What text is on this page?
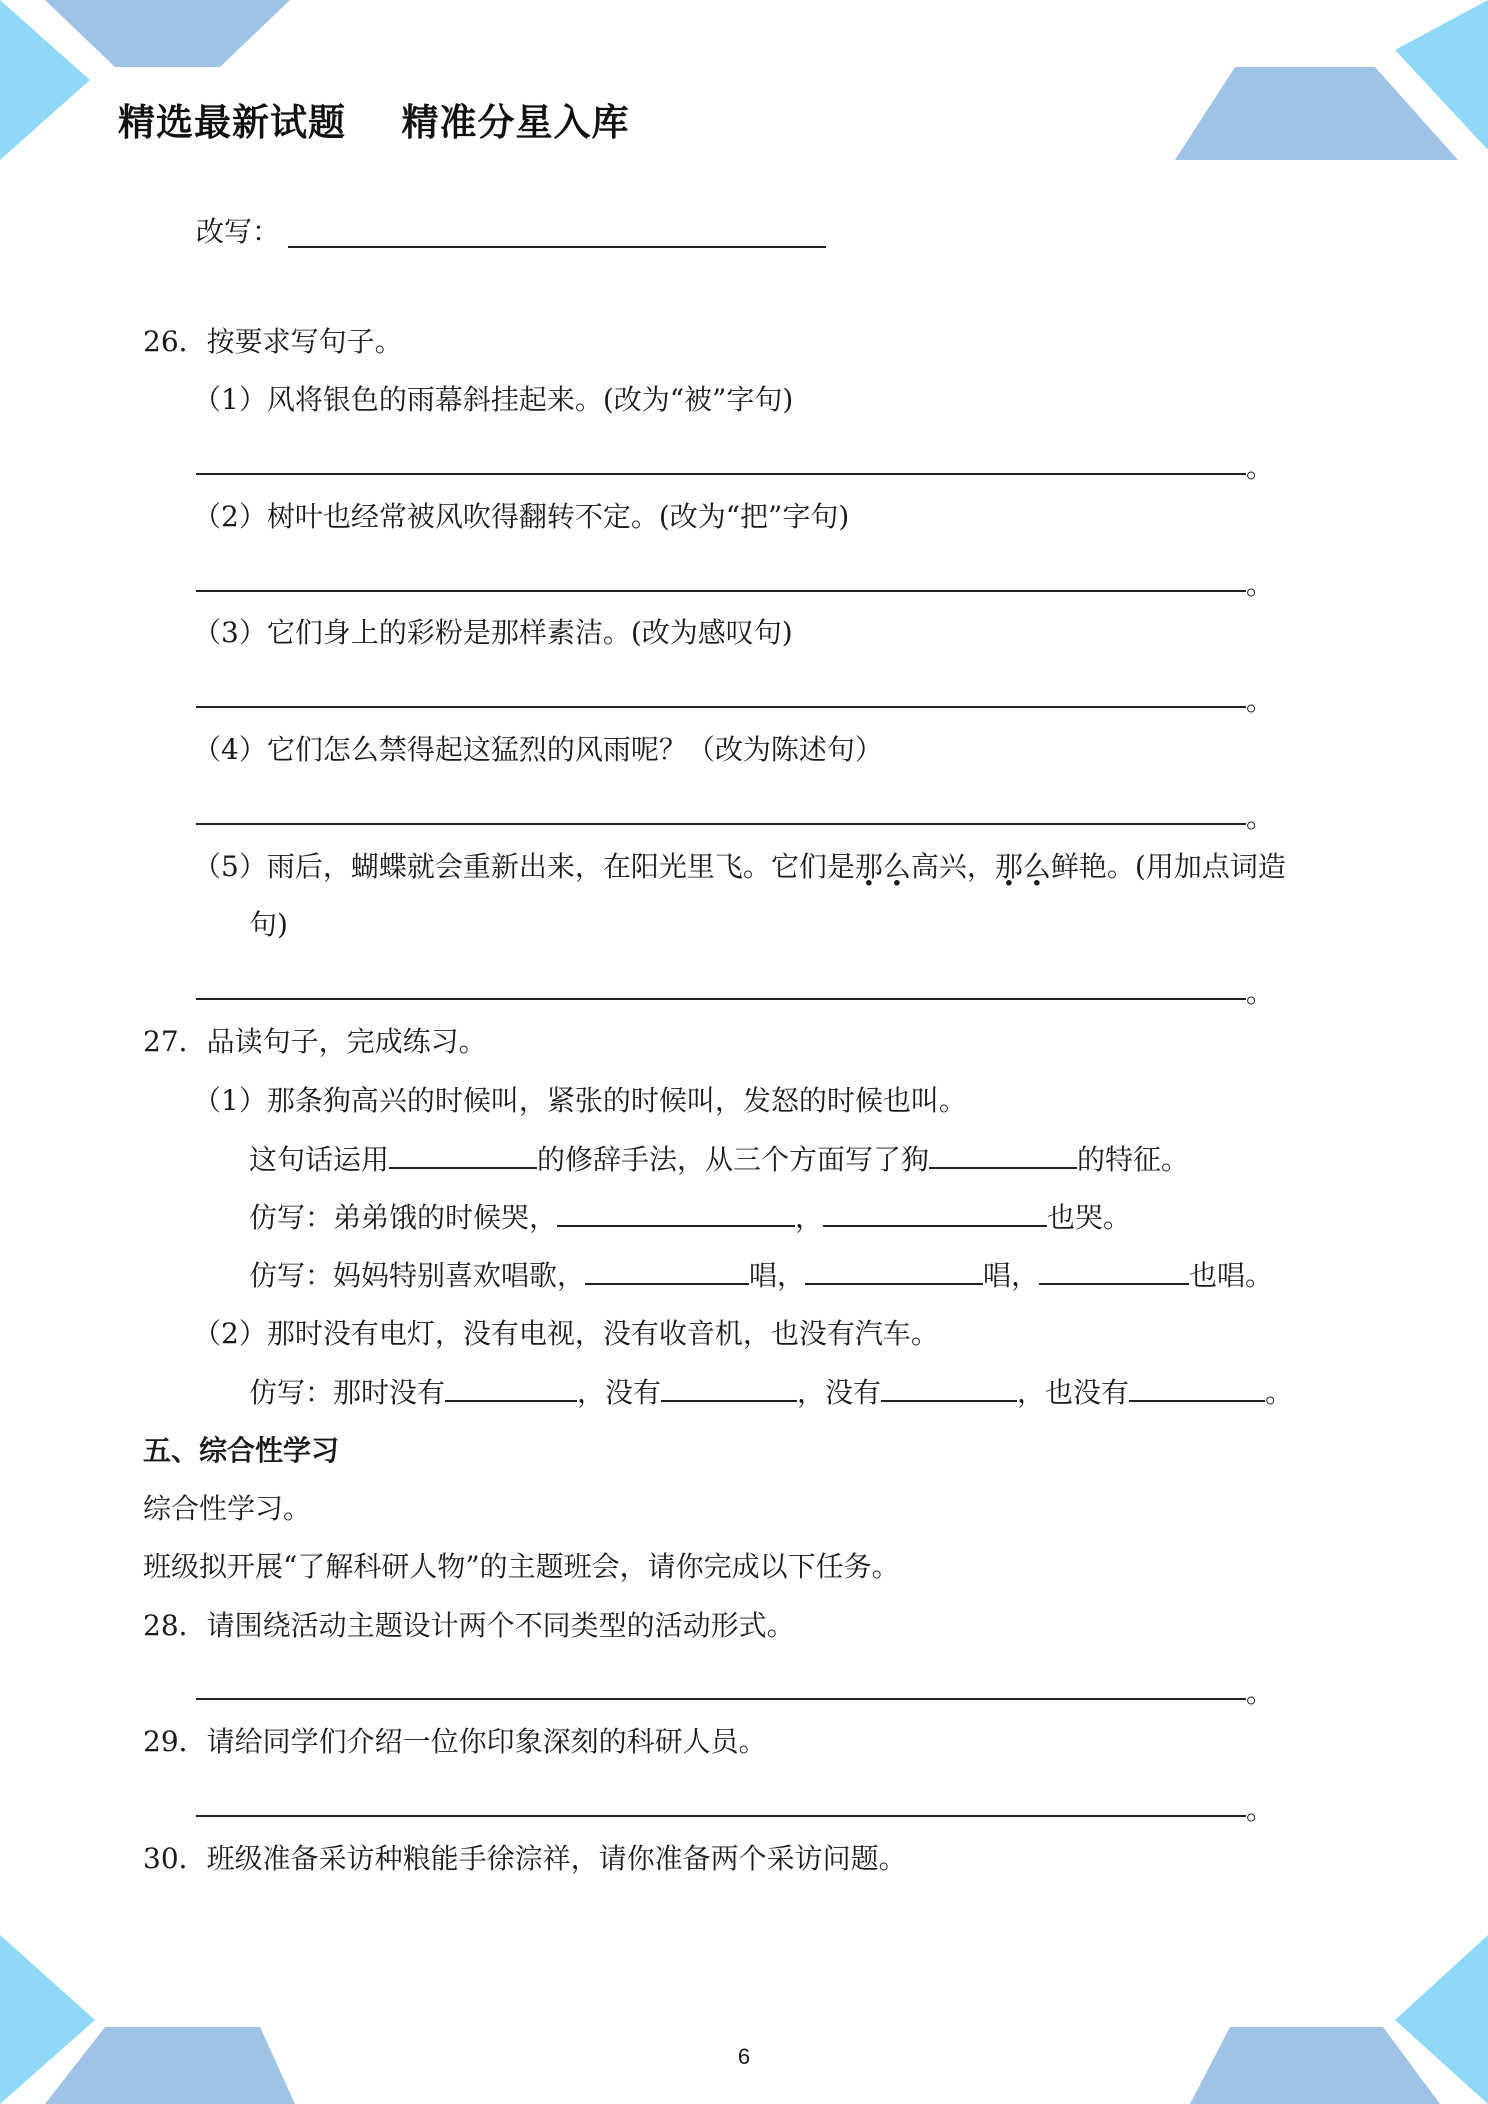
精选最新试题    精准分星入库
改写：
26．按要求写句子。
（1）风将银色的雨幕斜挂起来。(改为“被”字句)
。
（2）树叶也经常被风吹得翻转不定。(改为“把”字句)
。
（3）它们身上的彩粉是那样素洁。(改为感叹句)
。
（4）它们怎么禁得起这猛烈的风雨呢？（改为陈述句）
。
（5）雨后，蝴蝶就会重新出来，在阳光里飞。它们是那么高兴，那么鲜艳。(用加点词造
句)
。
27．品读句子，完成练习。
（1）那条狗高兴的时候叫，紧张的时候叫，发怒的时候也叫。
这句话运用	的修辞手法，从三个方面写了狗	的特征。
仿写：弟弟饿的时候哭，	，	也哭。
仿写：妈妈特别喜欢唱歌，	唱，	唱，	也唱。
（2）那时没有电灯，没有电视，没有收音机，也没有汽车。
仿写：那时没有	，没有	，没有	，也没有	。
五、综合性学习
综合性学习。
班级拟开展“了解科研人物”的主题班会，请你完成以下任务。
28．请围绕活动主题设计两个不同类型的活动形式。
。
29．请给同学们介绍一位你印象深刻的科研人员。
。
30．班级准备采访种粮能手徐淙祥，请你准备两个采访问题。
6
